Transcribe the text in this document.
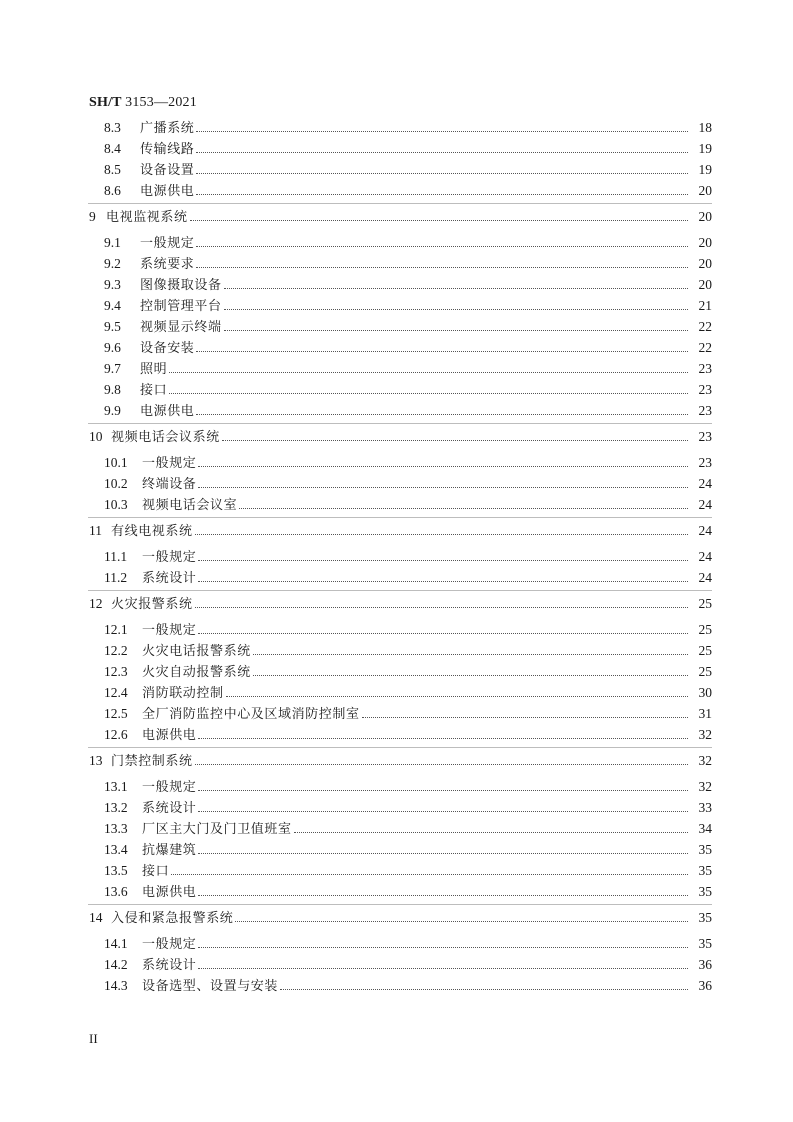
SH/T 3153—2021
8.3	广播系统	18
8.4	传输线路	19
8.5	设备设置	19
8.6	电源供电	20
9 电视监视系统	20
9.1	一般规定	20
9.2	系统要求	20
9.3	图像摄取设备	20
9.4	控制管理平台	21
9.5	视频显示终端	22
9.6	设备安装	22
9.7	照明	23
9.8	接口	23
9.9	电源供电	23
10 视频电话会议系统	23
10.1	一般规定	23
10.2	终端设备	24
10.3	视频电话会议室	24
11 有线电视系统	24
11.1	一般规定	24
11.2	系统设计	24
12 火灾报警系统	25
12.1	一般规定	25
12.2	火灾电话报警系统	25
12.3	火灾自动报警系统	25
12.4	消防联动控制	30
12.5	全厂消防监控中心及区域消防控制室	31
12.6	电源供电	32
13 门禁控制系统	32
13.1	一般规定	32
13.2	系统设计	33
13.3	厂区主大门及门卫值班室	34
13.4	抗爆建筑	35
13.5	接口	35
13.6	电源供电	35
14 入侵和紧急报警系统	35
14.1	一般规定	35
14.2	系统设计	36
14.3	设备选型、设置与安装	36
II
